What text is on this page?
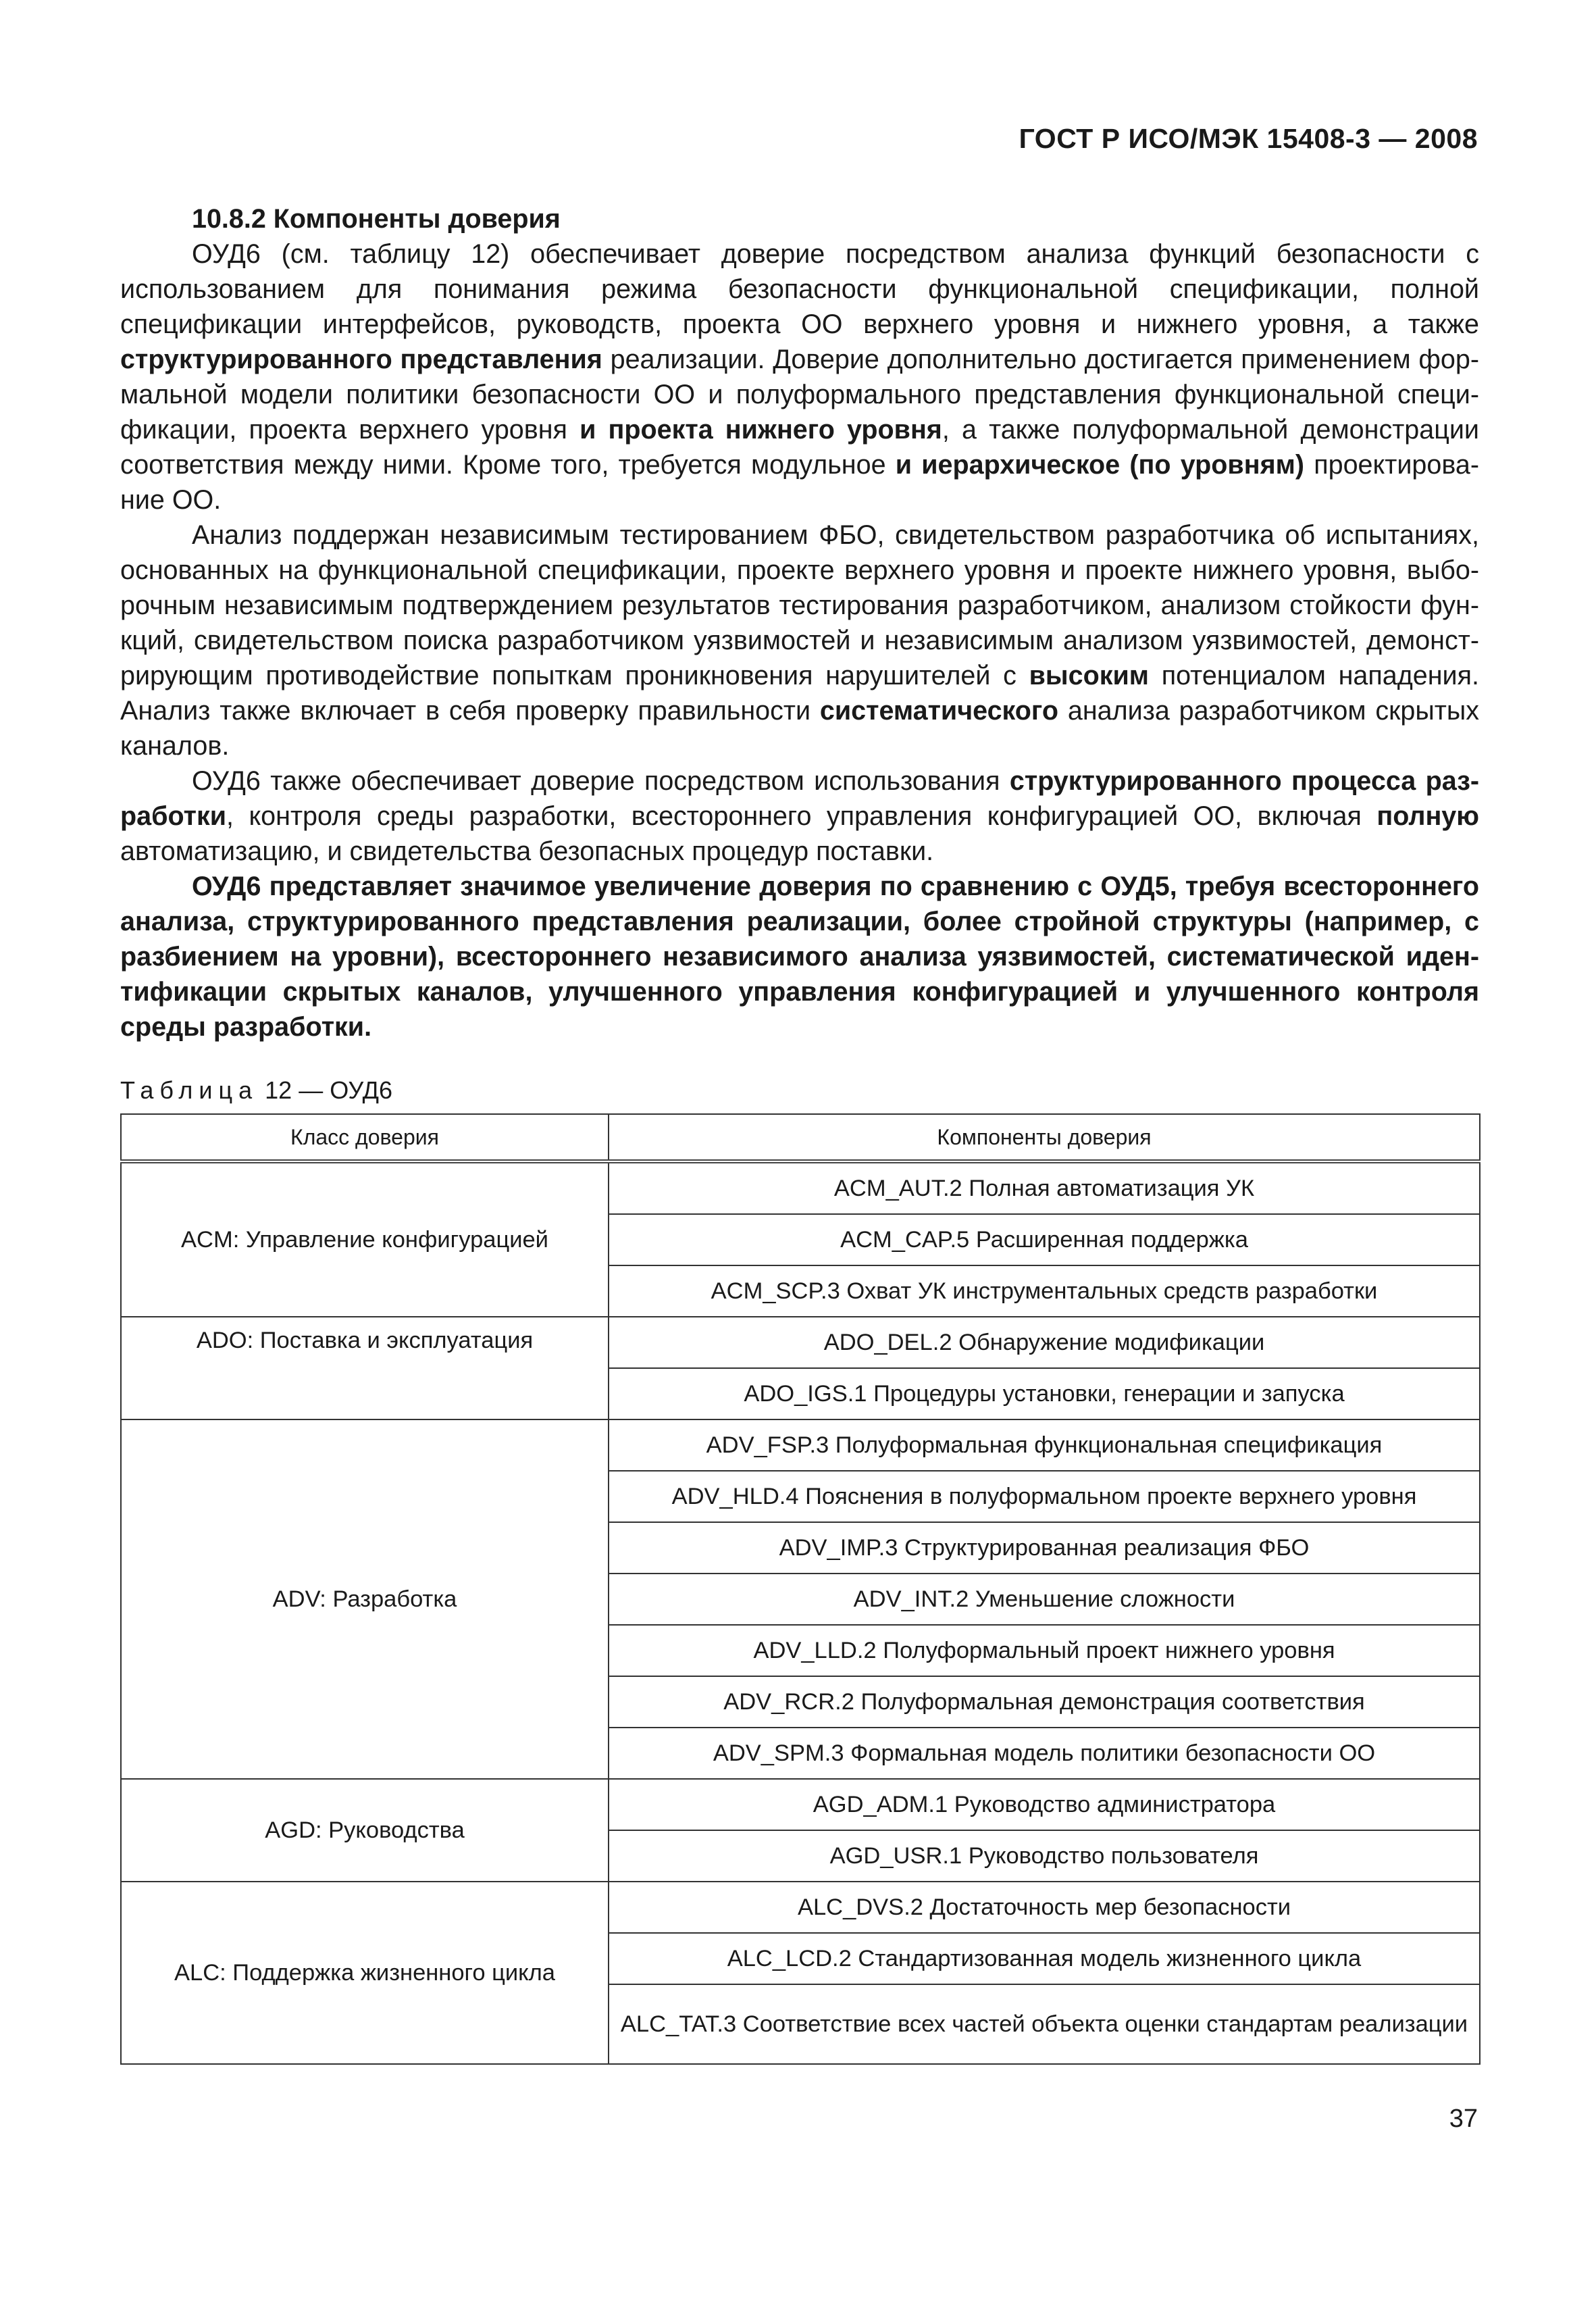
ГОСТ Р ИСО/МЭК 15408-3 — 2008

10.8.2 Компоненты доверия

ОУД6 (см. таблицу 12) обеспечивает доверие посредством анализа функций безопасности с использованием для понимания режима безопасности функциональной спецификации, полной спецификации интерфейсов, руководств, проекта ОО верхнего уровня и нижнего уровня, а также структурированного представления реализации. Доверие дополнительно достигается применением формальной модели политики безопасности ОО и полуформального представления функциональной спецификации, проекта верхнего уровня и проекта нижнего уровня, а также полуформальной демонстрации соответствия между ними. Кроме того, требуется модульное и иерархическое (по уровням) проектирование ОО.

Анализ поддержан независимым тестированием ФБО, свидетельством разработчика об испытаниях, основанных на функциональной спецификации, проекте верхнего уровня и проекте нижнего уровня, выборочным независимым подтверждением результатов тестирования разработчиком, анализом стойкости функций, свидетельством поиска разработчиком уязвимостей и независимым анализом уязвимостей, демонстрирующим противодействие попыткам проникновения нарушителей с высоким потенциалом нападения. Анализ также включает в себя проверку правильности систематического анализа разработчиком скрытых каналов.

ОУД6 также обеспечивает доверие посредством использования структурированного процесса разработки, контроля среды разработки, всестороннего управления конфигурацией ОО, включая полную автоматизацию, и свидетельства безопасных процедур поставки.

ОУД6 представляет значимое увеличение доверия по сравнению с ОУД5, требуя всестороннего анализа, структурированного представления реализации, более стройной структуры (например, с разбиением на уровни), всестороннего независимого анализа уязвимостей, систематической идентификации скрытых каналов, улучшенного управления конфигурацией и улучшенного контроля среды разработки.

Таблица 12 — ОУД6
Класс доверия	Компоненты доверия
ACM: Управление конфигурацией	ACM_AUT.2 Полная автоматизация УК
	ACM_CAP.5 Расширенная поддержка
	ACM_SCP.3 Охват УК инструментальных средств разработки
ADO: Поставка и эксплуатация	ADO_DEL.2 Обнаружение модификации
	ADO_IGS.1 Процедуры установки, генерации и запуска
ADV: Разработка	ADV_FSP.3 Полуформальная функциональная спецификация
	ADV_HLD.4 Пояснения в полуформальном проекте верхнего уровня
	ADV_IMP.3 Структурированная реализация ФБО
	ADV_INT.2 Уменьшение сложности
	ADV_LLD.2 Полуформальный проект нижнего уровня
	ADV_RCR.2 Полуформальная демонстрация соответствия
	ADV_SPM.3 Формальная модель политики безопасности ОО
AGD: Руководства	AGD_ADM.1 Руководство администратора
	AGD_USR.1 Руководство пользователя
ALC: Поддержка жизненного цикла	ALC_DVS.2 Достаточность мер безопасности
	ALC_LCD.2 Стандартизованная модель жизненного цикла
	ALC_TAT.3 Соответствие всех частей объекта оценки стандартам реализации
37
